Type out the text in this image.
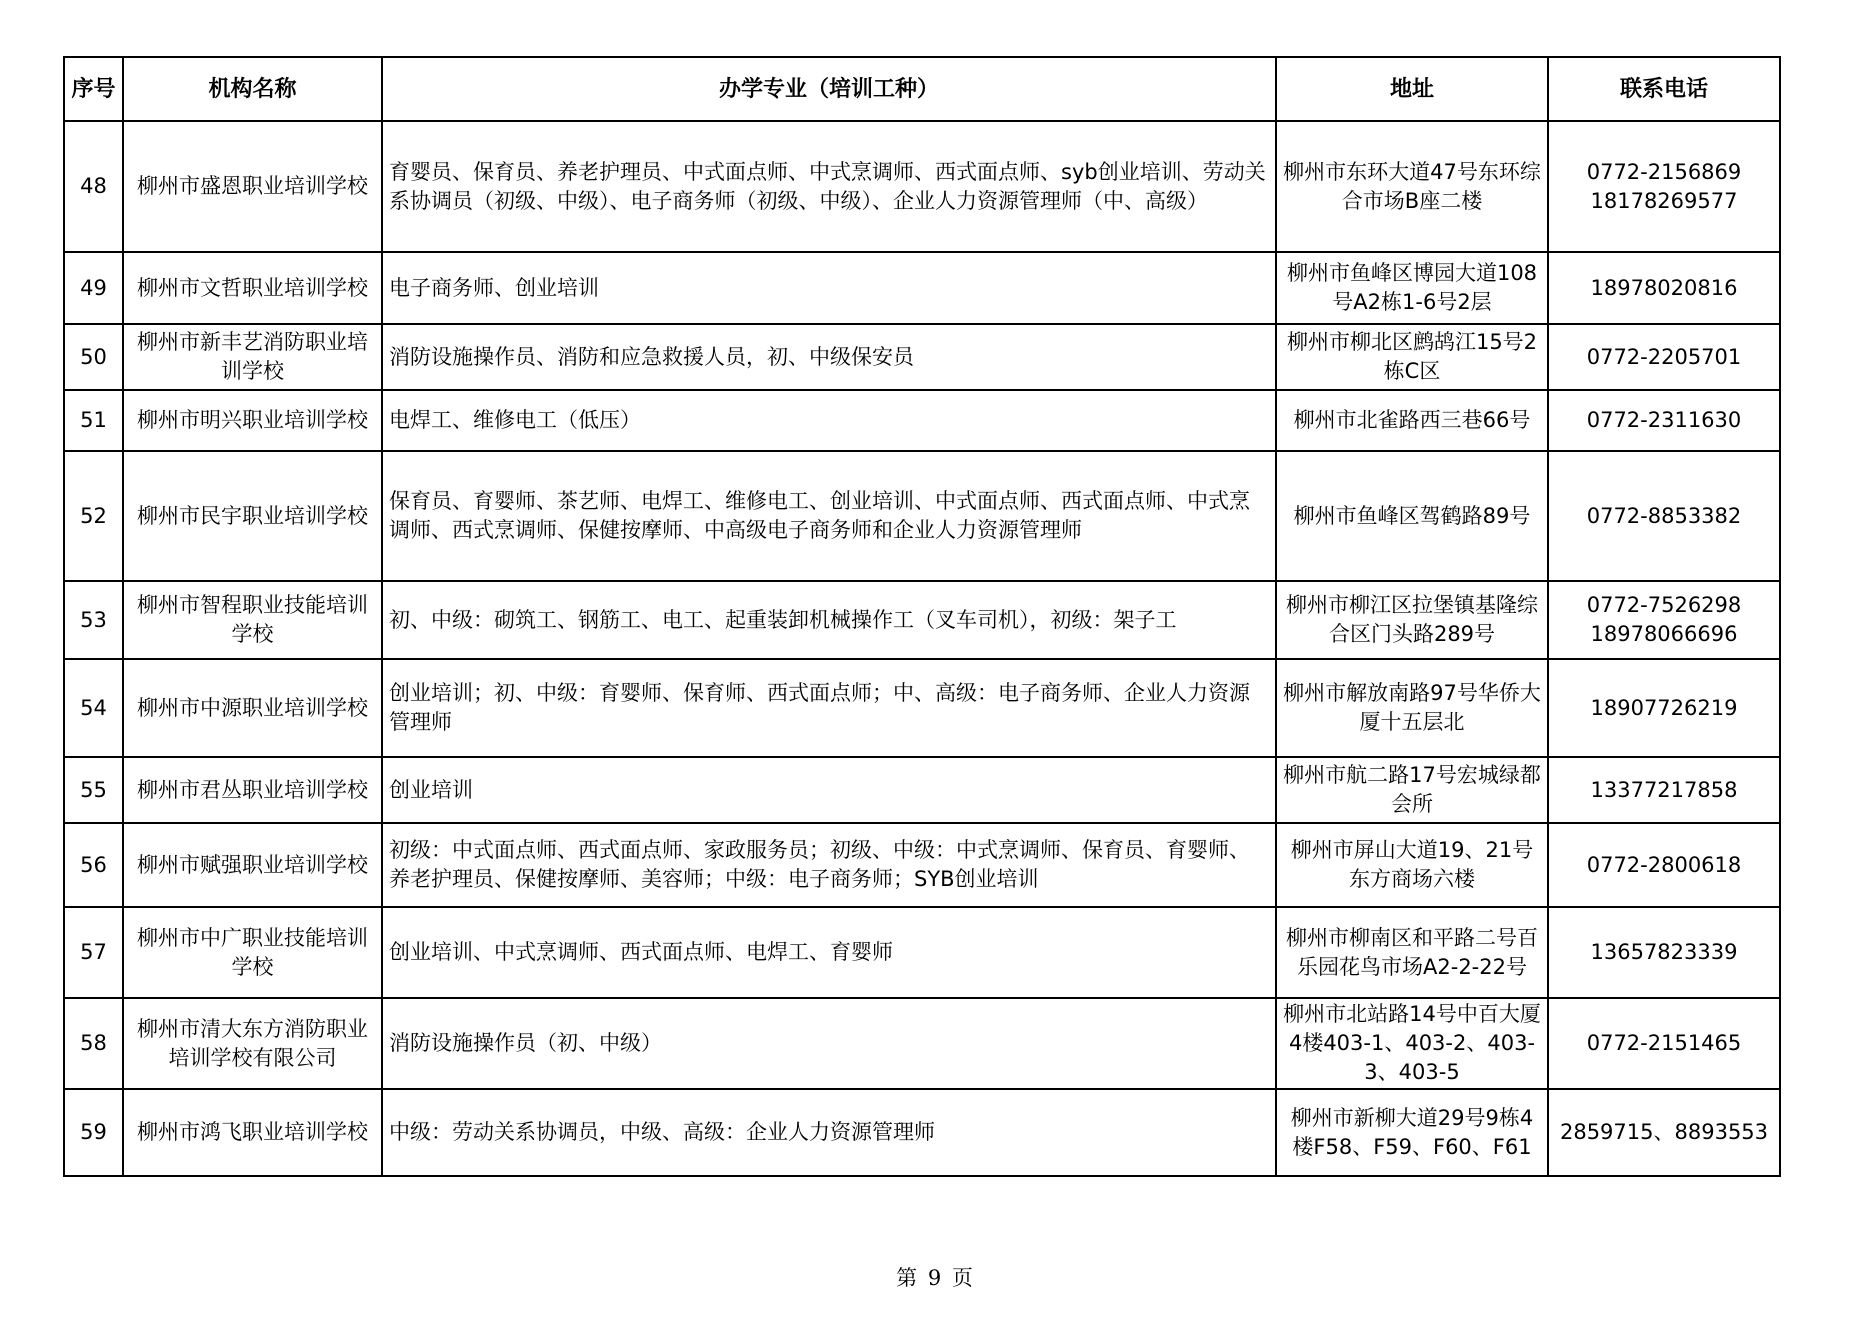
序号	机构名称	办学专业（培训工种）	地址	联系电话
48	柳州市盛恩职业培训学校	育婴员、保育员、养老护理员、中式面点师、中式烹调师、西式面点师、syb创业培训、劳动关系协调员（初级、中级）、电子商务师（初级、中级）、企业人力资源管理师（中、高级）	柳州市东环大道47号东环综合市场B座二楼	0772-2156869
18178269577
49	柳州市文哲职业培训学校	电子商务师、创业培训	柳州市鱼峰区博园大道108号A2栋1-6号2层	18978020816
50	柳州市新丰艺消防职业培训学校	消防设施操作员、消防和应急救援人员，初、中级保安员	柳州市柳北区鹧鸪江15号2栋C区	0772-2205701
51	柳州市明兴职业培训学校	电焊工、维修电工（低压）	柳州市北雀路西三巷66号	0772-2311630
52	柳州市民宇职业培训学校	保育员、育婴师、茶艺师、电焊工、维修电工、创业培训、中式面点师、西式面点师、中式烹调师、西式烹调师、保健按摩师、中高级电子商务师和企业人力资源管理师	柳州市鱼峰区驾鹤路89号	0772-8853382
53	柳州市智程职业技能培训学校	初、中级：砌筑工、钢筋工、电工、起重装卸机械操作工（叉车司机），初级：架子工	柳州市柳江区拉堡镇基隆综合区门头路289号	0772-7526298
18978066696
54	柳州市中源职业培训学校	创业培训；初、中级：育婴师、保育师、西式面点师；中、高级：电子商务师、企业人力资源管理师	柳州市解放南路97号华侨大厦十五层北	18907726219
55	柳州市君丛职业培训学校	创业培训	柳州市航二路17号宏城绿都会所	13377217858
56	柳州市赋强职业培训学校	初级：中式面点师、西式面点师、家政服务员；初级、中级：中式烹调师、保育员、育婴师、养老护理员、保健按摩师、美容师；中级：电子商务师；SYB创业培训	柳州市屏山大道19、21号东方商场六楼	0772-2800618
57	柳州市中广职业技能培训学校	创业培训、中式烹调师、西式面点师、电焊工、育婴师	柳州市柳南区和平路二号百乐园花鸟市场A2-2-22号	13657823339
58	柳州市清大东方消防职业培训学校有限公司	消防设施操作员（初、中级）	柳州市北站路14号中百大厦4楼403-1、403-2、403-3、403-5	0772-2151465
59	柳州市鸿飞职业培训学校	中级：劳动关系协调员，中级、高级：企业人力资源管理师	柳州市新柳大道29号9栋4楼F58、F59、F60、F61	2859715、8893553
第 9 页
